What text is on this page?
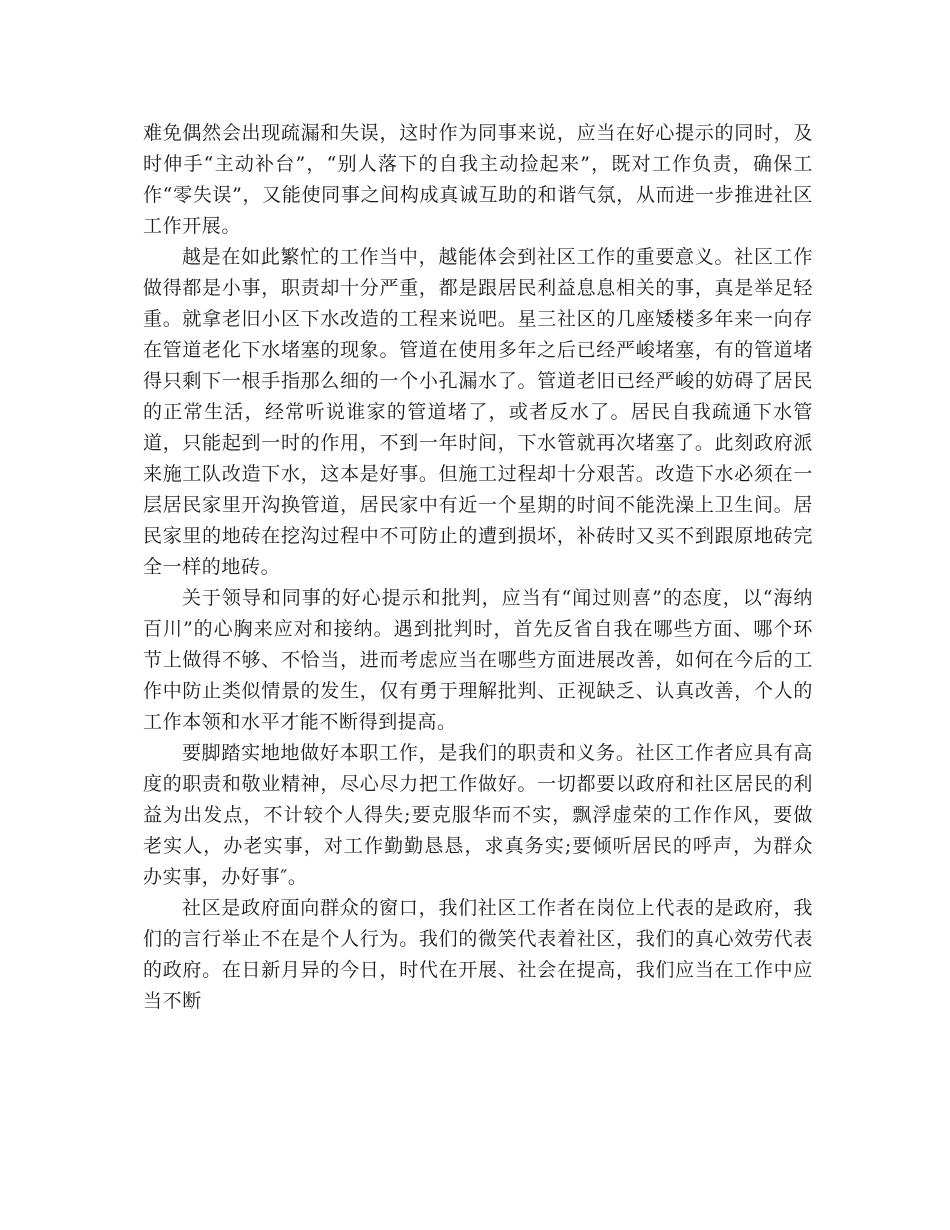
难免偶然会出现疏漏和失误，这时作为同事来说，应当在好心提示的同时，及时伸手“主动补台”，“别人落下的自我主动捡起来”，既对工作负责，确保工作“零失误”，又能使同事之间构成真诚互助的和谐气氛，从而进一步推进社区工作开展。

越是在如此繁忙的工作当中，越能体会到社区工作的重要意义。社区工作做得都是小事，职责却十分严重，都是跟居民利益息息相关的事，真是举足轻重。就拿老旧小区下水改造的工程来说吧。星三社区的几座矮楼多年来一向存在管道老化下水堵塞的现象。管道在使用多年之后已经严峻堵塞，有的管道堵得只剩下一根手指那么细的一个小孔漏水了。管道老旧已经严峻的妨碍了居民的正常生活，经常听说谁家的管道堵了，或者反水了。居民自我疏通下水管道，只能起到一时的作用，不到一年时间，下水管就再次堵塞了。此刻政府派来施工队改造下水，这本是好事。但施工过程却十分艰苦。改造下水必须在一层居民家里开沟换管道，居民家中有近一个星期的时间不能洗澡上卫生间。居民家里的地砖在挖沟过程中不可防止的遭到损坏，补砖时又买不到跟原地砖完全一样的地砖。

关于领导和同事的好心提示和批判，应当有“闻过则喜”的态度，以“海纳百川”的心胸来应对和接纳。遇到批判时，首先反省自我在哪些方面、哪个环节上做得不够、不恰当，进而考虑应当在哪些方面进展改善，如何在今后的工作中防止类似情景的发生，仅有勇于理解批判、正视缺乏、认真改善，个人的工作本领和水平才能不断得到提高。

要脚踏实地地做好本职工作，是我们的职责和义务。社区工作者应具有高度的职责和敬业精神，尽心尽力把工作做好。一切都要以政府和社区居民的利益为出发点，不计较个人得失;要克服华而不实，飘浮虚荣的工作作风，要做老实人，办老实事，对工作勤勤恳恳，求真务实;要倾听居民的呼声，为群众办实事，办好事″。

社区是政府面向群众的窗口，我们社区工作者在岗位上代表的是政府，我们的言行举止不在是个人行为。我们的微笑代表着社区，我们的真心效劳代表的政府。在日新月异的今日，时代在开展、社会在提高，我们应当在工作中应当不断
